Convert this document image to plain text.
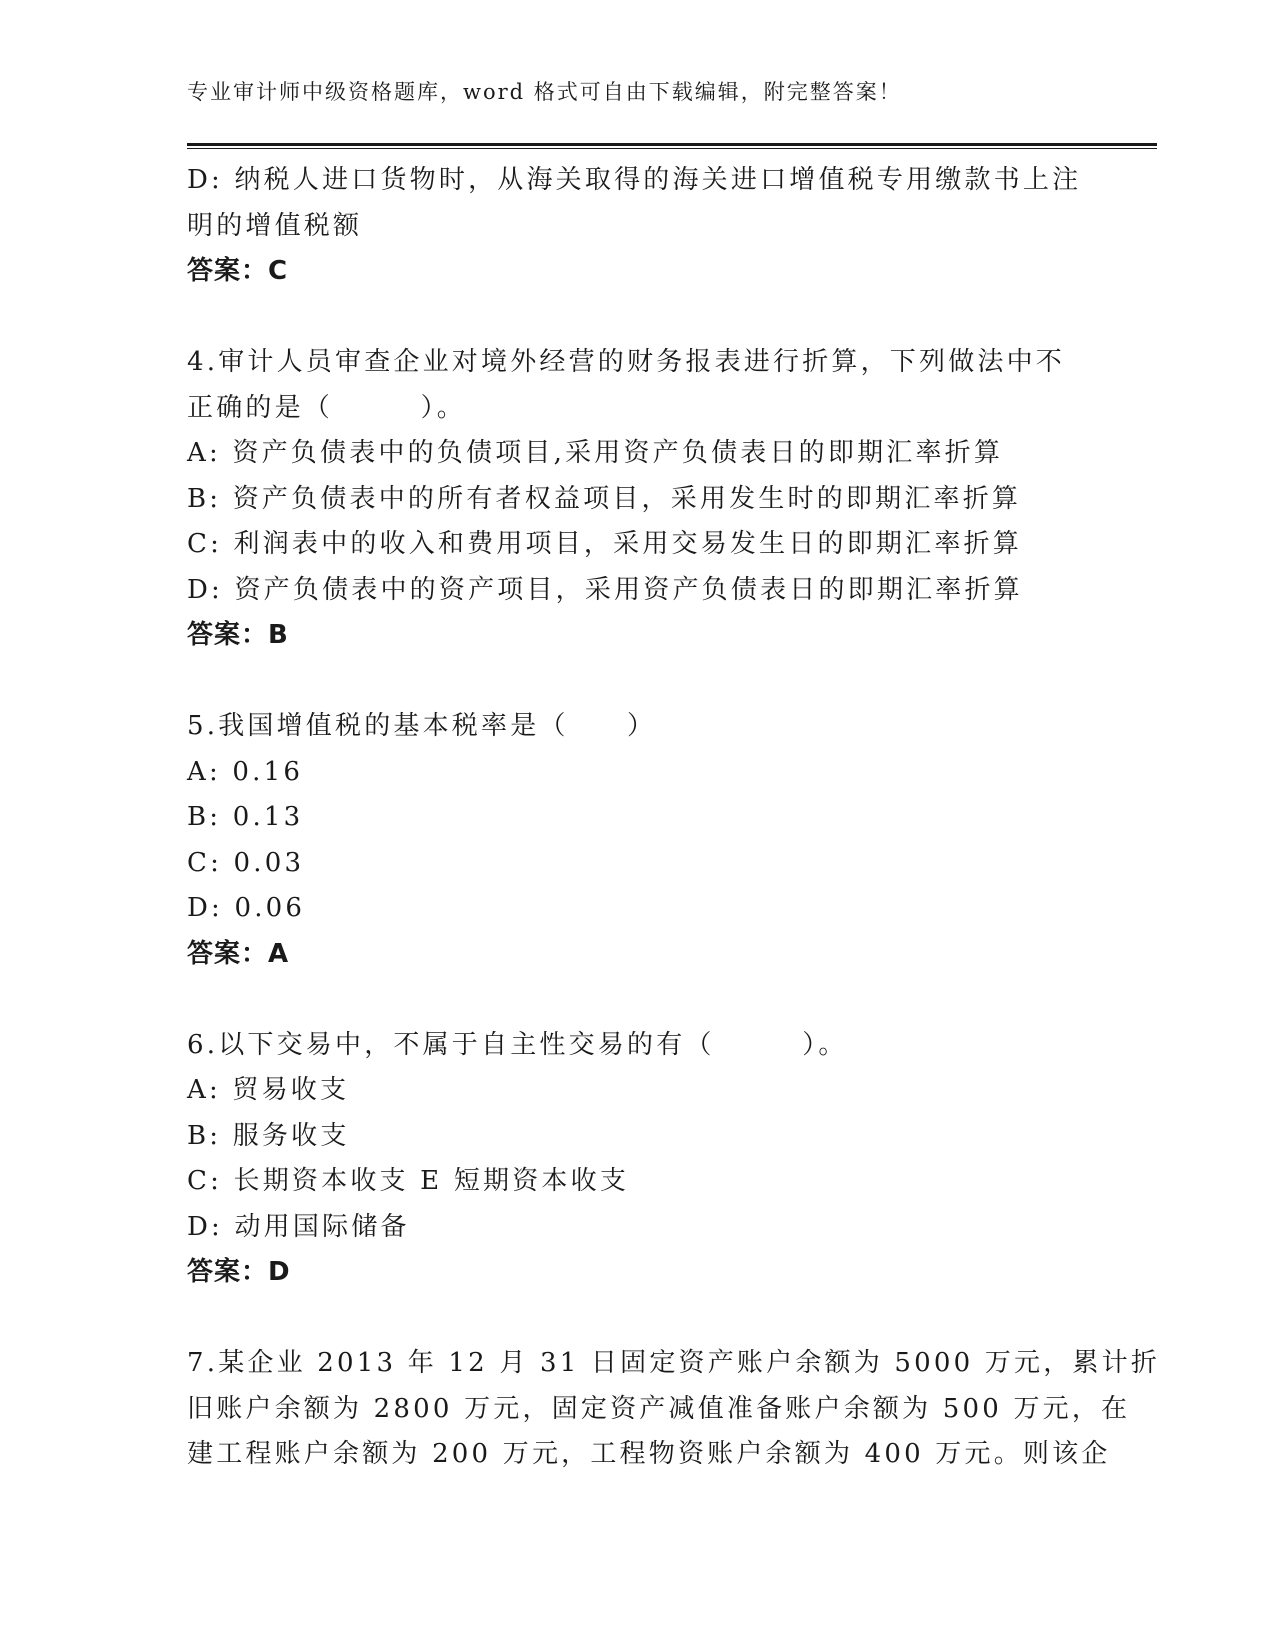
专业审计师中级资格题库，word 格式可自由下载编辑，附完整答案！
D: 纳税人进口货物时，从海关取得的海关进口增值税专用缴款书上注
明的增值税额
答案：C
4.审计人员审查企业对境外经营的财务报表进行折算，下列做法中不
正确的是（　　　）。
A: 资产负债表中的负债项目,采用资产负债表日的即期汇率折算
B: 资产负债表中的所有者权益项目，采用发生时的即期汇率折算
C: 利润表中的收入和费用项目，采用交易发生日的即期汇率折算
D: 资产负债表中的资产项目，采用资产负债表日的即期汇率折算
答案：B
5.我国增值税的基本税率是（　　）
A: 0.16
B: 0.13
C: 0.03
D: 0.06
答案：A
6.以下交易中，不属于自主性交易的有（　　　）。
A: 贸易收支
B: 服务收支
C: 长期资本收支 E 短期资本收支
D: 动用国际储备
答案：D
7.某企业 2013 年 12 月 31 日固定资产账户余额为 5000 万元，累计折
旧账户余额为 2800 万元，固定资产减值准备账户余额为 500 万元，在
建工程账户余额为 200 万元，工程物资账户余额为 400 万元。则该企
